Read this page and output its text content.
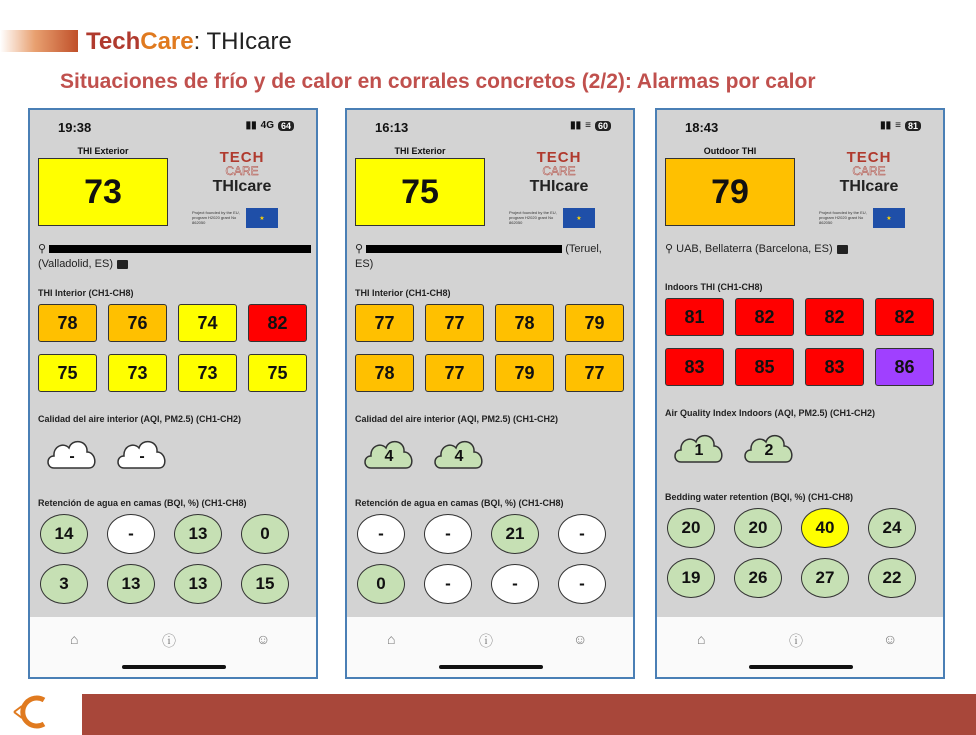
TechCare: THIcare
Situaciones de frío y de calor en corrales concretos (2/2): Alarmas por calor
19:38	▮▮ 4G 64
THI Exterior
73
TECH
CARE
THIcare
Project founded by the EU, program H2020 grant No 862050
★
⚲
(Valladolid, ES)
THI Interior (CH1-CH8)
78	76	74	82
75	73	73	75
Calidad del aire interior (AQI, PM2.5) (CH1-CH2)
-	-
Retención de agua en camas (BQI, %) (CH1-CH8)
14	-	13	0
3	13	13	15
⌂	ⓘ	☺
16:13	▮▮ ≡ 60
THI Exterior
75
TECH
CARE
THIcare
Project founded by the EU, program H2020 grant No 862050
★
⚲	(Teruel,
ES)
THI Interior (CH1-CH8)
77	77	78	79
78	77	79	77
Calidad del aire interior (AQI, PM2.5) (CH1-CH2)
4	4
Retención de agua en camas (BQI, %) (CH1-CH8)
-	-	21	-
0	-	-	-
⌂	ⓘ	☺
18:43	▮▮ ≡ 81
Outdoor THI
79
TECH
CARE
THIcare
Project founded by the EU, program H2020 grant No 862050
★
⚲ UAB, Bellaterra (Barcelona, ES)
Indoors THI (CH1-CH8)
81	82	82	82
83	85	83	86
Air Quality Index Indoors (AQI, PM2.5) (CH1-CH2)
1	2
Bedding water retention (BQI, %) (CH1-CH8)
20	20	40	24
19	26	27	22
⌂	ⓘ	☺
